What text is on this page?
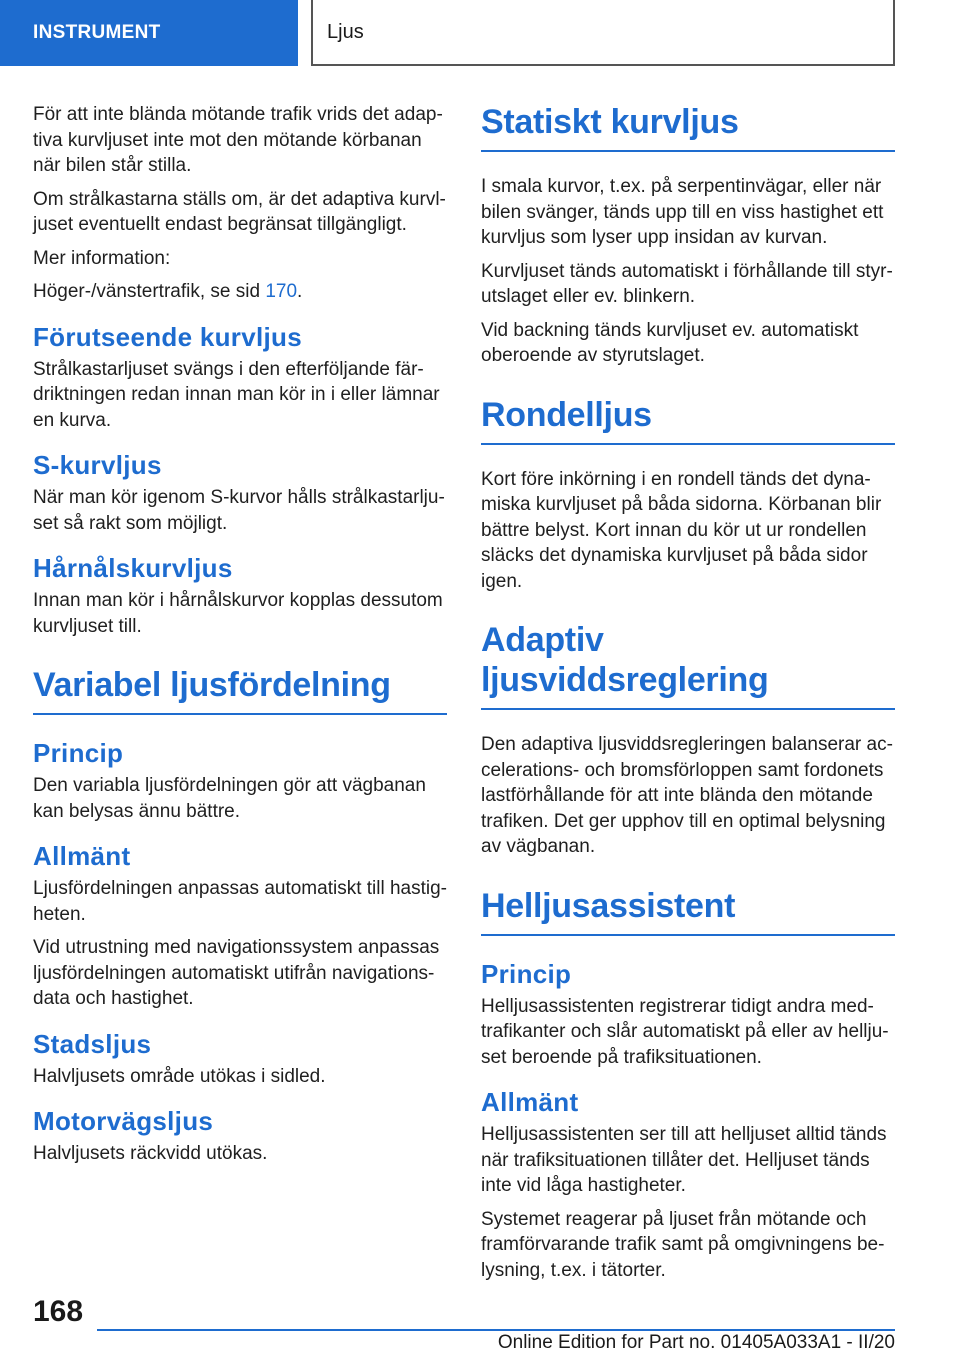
INSTRUMENT	Ljus

För att inte blända mötande trafik vrids det adap-
tiva kurvljuset inte mot den mötande körbanan
när bilen står stilla.

Om strålkastarna ställs om, är det adaptiva kurvl-
juset eventuellt endast begränsat tillgängligt.

Mer information:

Höger-/vänstertrafik, se sid 170.

Förutseende kurvljus

Strålkastarljuset svängs i den efterföljande fär-
driktningen redan innan man kör in i eller lämnar
en kurva.

S-kurvljus

När man kör igenom S-kurvor hålls strålkastarlju-
set så rakt som möjligt.

Hårnålskurvljus

Innan man kör i hårnålskurvor kopplas dessutom
kurvljuset till.

Variabel ljusfördelning
Princip

Den variabla ljusfördelningen gör att vägbanan
kan belysas ännu bättre.

Allmänt

Ljusfördelningen anpassas automatiskt till hastig-
heten.

Vid utrustning med navigationssystem anpassas
ljusfördelningen automatiskt utifrån navigations-
data och hastighet.

Stadsljus

Halvljusets område utökas i sidled.

Motorvägsljus

Halvljusets räckvidd utökas.

Statiskt kurvljus

I smala kurvor, t.ex. på serpentinvägar, eller när
bilen svänger, tänds upp till en viss hastighet ett
kurvljus som lyser upp insidan av kurvan.

Kurvljuset tänds automatiskt i förhållande till styr-
utslaget eller ev. blinkern.

Vid backning tänds kurvljuset ev. automatiskt
oberoende av styrutslaget.

Rondelljus

Kort före inkörning i en rondell tänds det dyna-
miska kurvljuset på båda sidorna. Körbanan blir
bättre belyst. Kort innan du kör ut ur rondellen
släcks det dynamiska kurvljuset på båda sidor
igen.

Adaptiv ljusviddsreglering

Den adaptiva ljusviddsregleringen balanserar ac-
celerations- och bromsförloppen samt fordonets
lastförhållande för att inte blända den mötande
trafiken. Det ger upphov till en optimal belysning
av vägbanan.

Helljusassistent
Princip

Helljusassistenten registrerar tidigt andra med-
trafikanter och slår automatiskt på eller av hellju-
set beroende på trafiksituationen.

Allmänt

Helljusassistenten ser till att helljuset alltid tänds
när trafiksituationen tillåter det. Helljuset tänds
inte vid låga hastigheter.

Systemet reagerar på ljuset från mötande och
framförvarande trafik samt på omgivningens be-
lysning, t.ex. i tätorter.

168
Online Edition for Part no. 01405A033A1 - II/20
